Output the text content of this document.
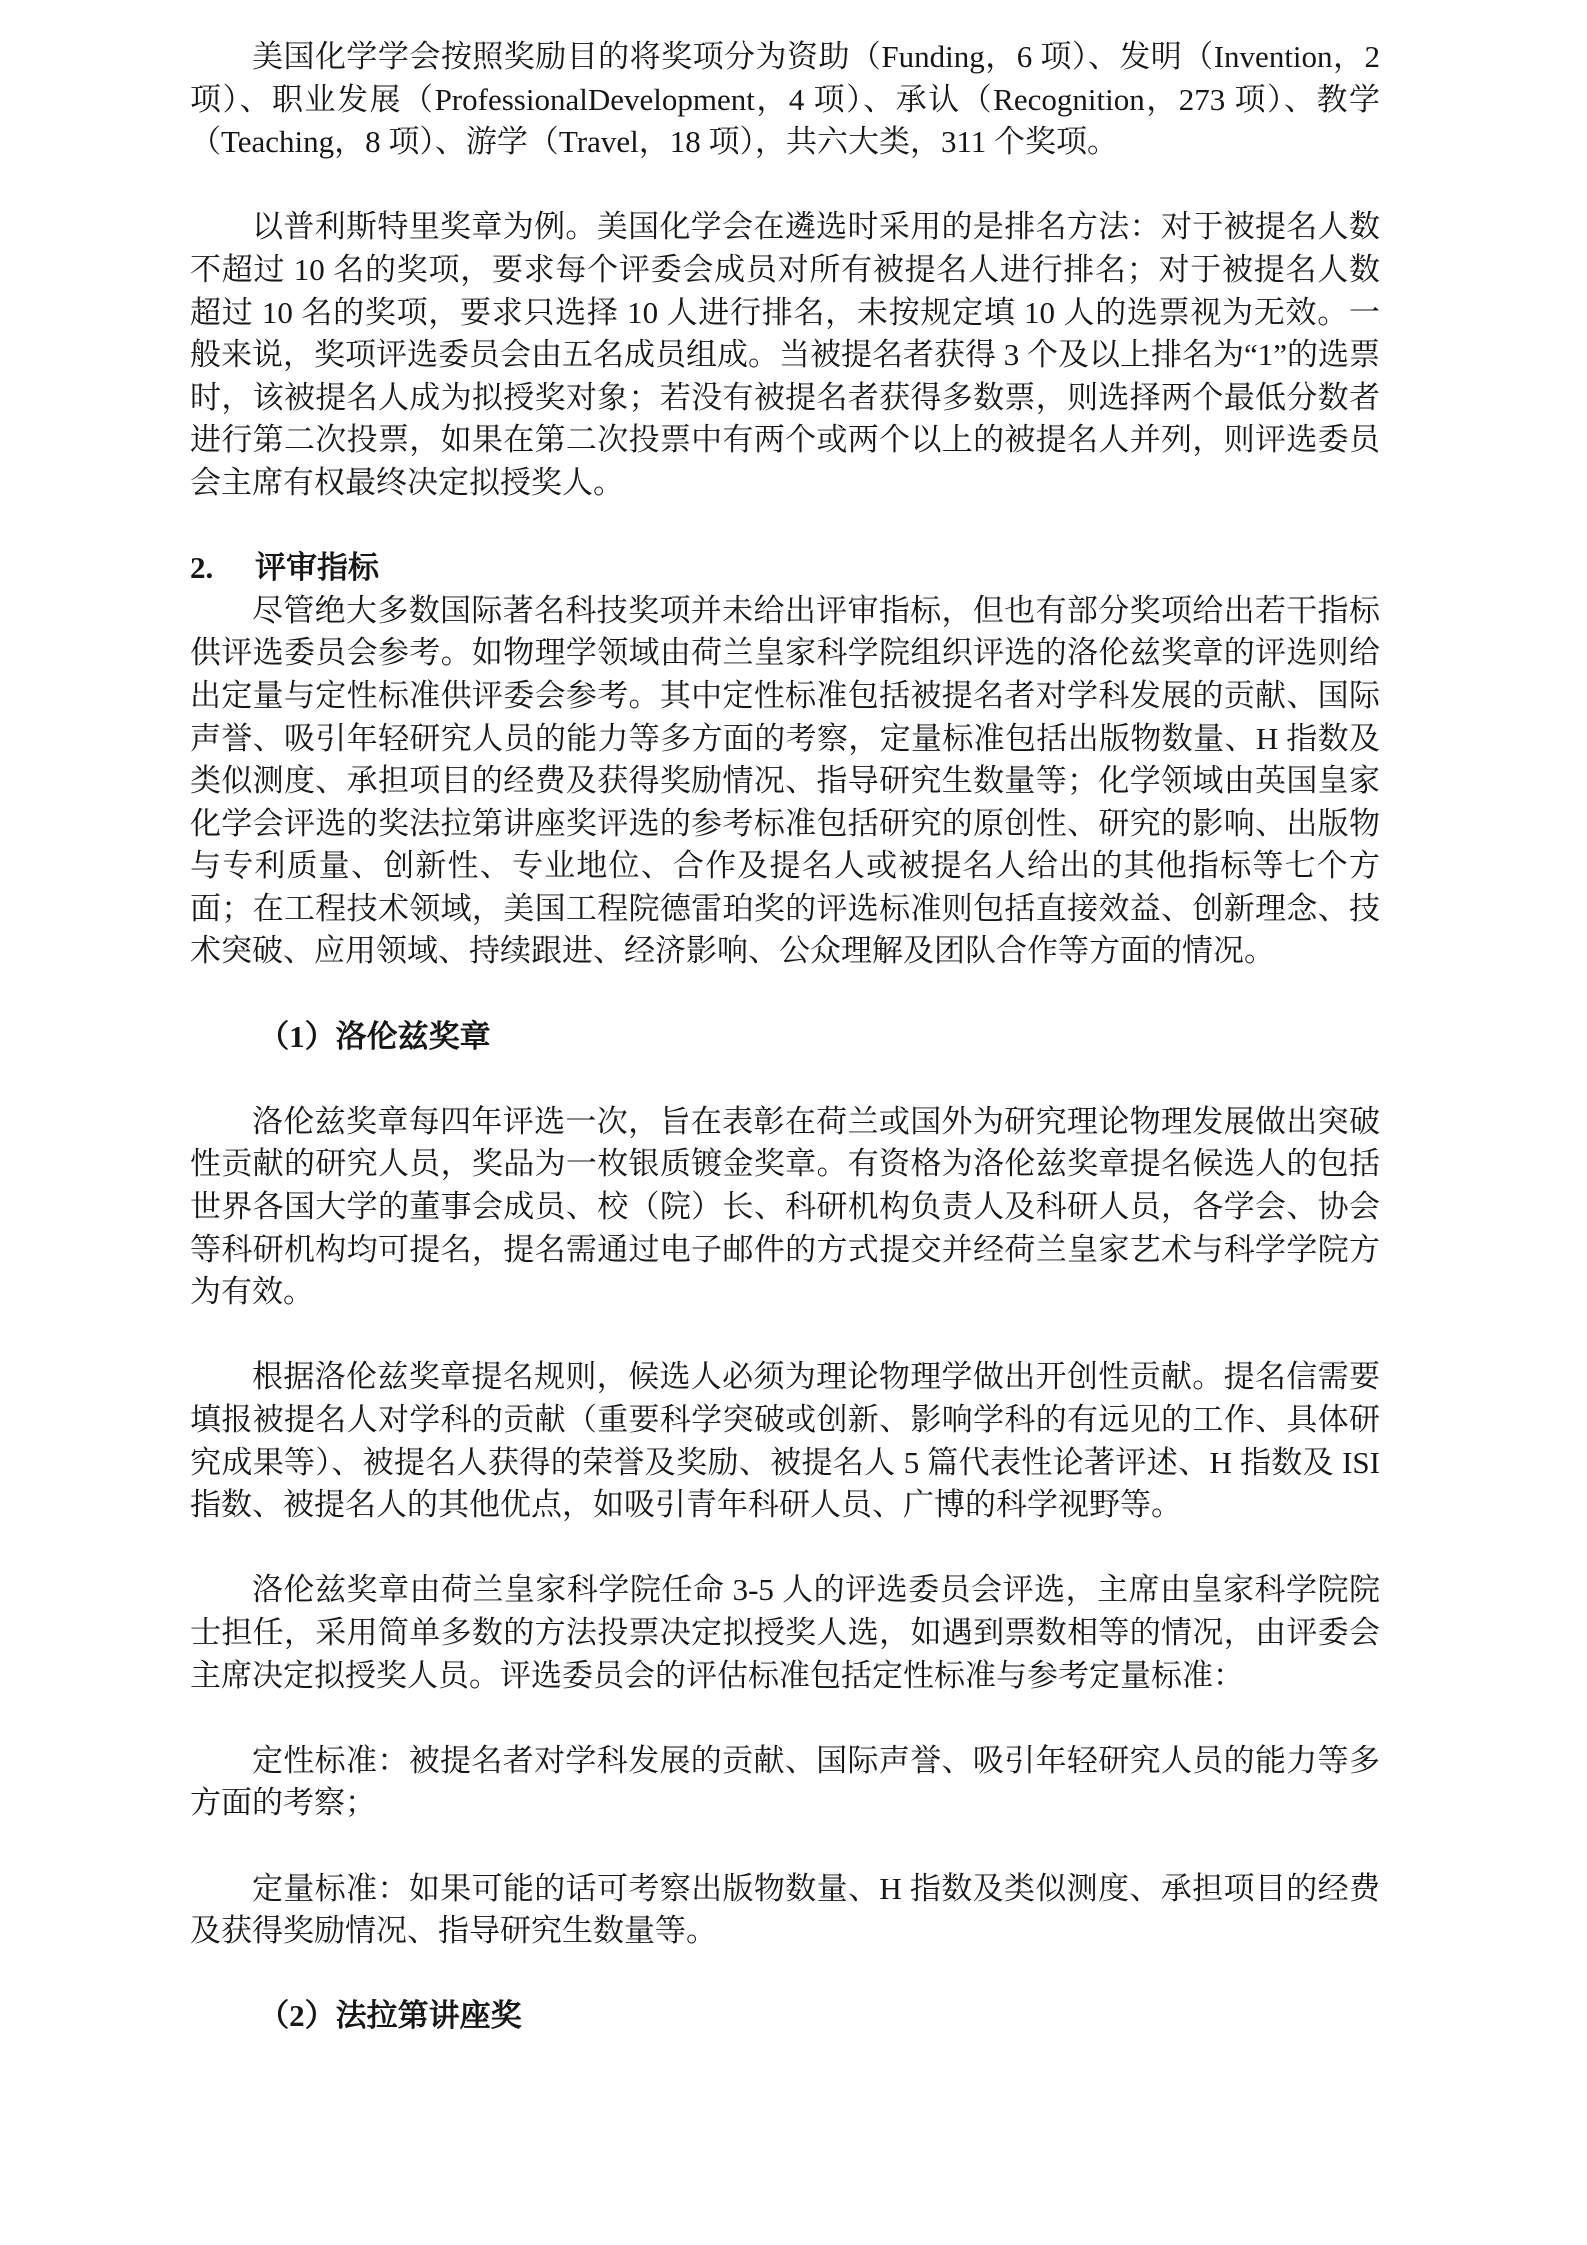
美国化学学会按照奖励目的将奖项分为资助（Funding，6 项）、发明（Invention，2 项）、职业发展（ProfessionalDevelopment，4 项）、承认（Recognition，273 项）、教学（Teaching，8 项）、游学（Travel，18 项），共六大类，311 个奖项。

以普利斯特里奖章为例。美国化学会在遴选时采用的是排名方法：对于被提名人数不超过 10 名的奖项，要求每个评委会成员对所有被提名人进行排名；对于被提名人数超过 10 名的奖项，要求只选择 10 人进行排名，未按规定填 10 人的选票视为无效。一般来说，奖项评选委员会由五名成员组成。当被提名者获得 3 个及以上排名为“1”的选票时，该被提名人成为拟授奖对象；若没有被提名者获得多数票，则选择两个最低分数者进行第二次投票，如果在第二次投票中有两个或两个以上的被提名人并列，则评选委员会主席有权最终决定拟授奖人。

2. 评审指标

尽管绝大多数国际著名科技奖项并未给出评审指标，但也有部分奖项给出若干指标供评选委员会参考。如物理学领域由荷兰皇家科学院组织评选的洛伦兹奖章的评选则给出定量与定性标准供评委会参考。其中定性标准包括被提名者对学科发展的贡献、国际声誉、吸引年轻研究人员的能力等多方面的考察，定量标准包括出版物数量、H 指数及类似测度、承担项目的经费及获得奖励情况、指导研究生数量等；化学领域由英国皇家化学会评选的奖法拉第讲座奖评选的参考标准包括研究的原创性、研究的影响、出版物与专利质量、创新性、专业地位、合作及提名人或被提名人给出的其他指标等七个方面；在工程技术领域，美国工程院德雷珀奖的评选标准则包括直接效益、创新理念、技术突破、应用领域、持续跟进、经济影响、公众理解及团队合作等方面的情况。

（1）洛伦兹奖章

洛伦兹奖章每四年评选一次，旨在表彰在荷兰或国外为研究理论物理发展做出突破性贡献的研究人员，奖品为一枚银质镀金奖章。有资格为洛伦兹奖章提名候选人的包括世界各国大学的董事会成员、校（院）长、科研机构负责人及科研人员，各学会、协会等科研机构均可提名，提名需通过电子邮件的方式提交并经荷兰皇家艺术与科学学院方为有效。

根据洛伦兹奖章提名规则，候选人必须为理论物理学做出开创性贡献。提名信需要填报被提名人对学科的贡献（重要科学突破或创新、影响学科的有远见的工作、具体研究成果等）、被提名人获得的荣誉及奖励、被提名人 5 篇代表性论著评述、H 指数及 ISI 指数、被提名人的其他优点，如吸引青年科研人员、广博的科学视野等。

洛伦兹奖章由荷兰皇家科学院任命 3-5 人的评选委员会评选，主席由皇家科学院院士担任，采用简单多数的方法投票决定拟授奖人选，如遇到票数相等的情况，由评委会主席决定拟授奖人员。评选委员会的评估标准包括定性标准与参考定量标准：

定性标准：被提名者对学科发展的贡献、国际声誉、吸引年轻研究人员的能力等多方面的考察；

定量标准：如果可能的话可考察出版物数量、H 指数及类似测度、承担项目的经费及获得奖励情况、指导研究生数量等。

（2）法拉第讲座奖
